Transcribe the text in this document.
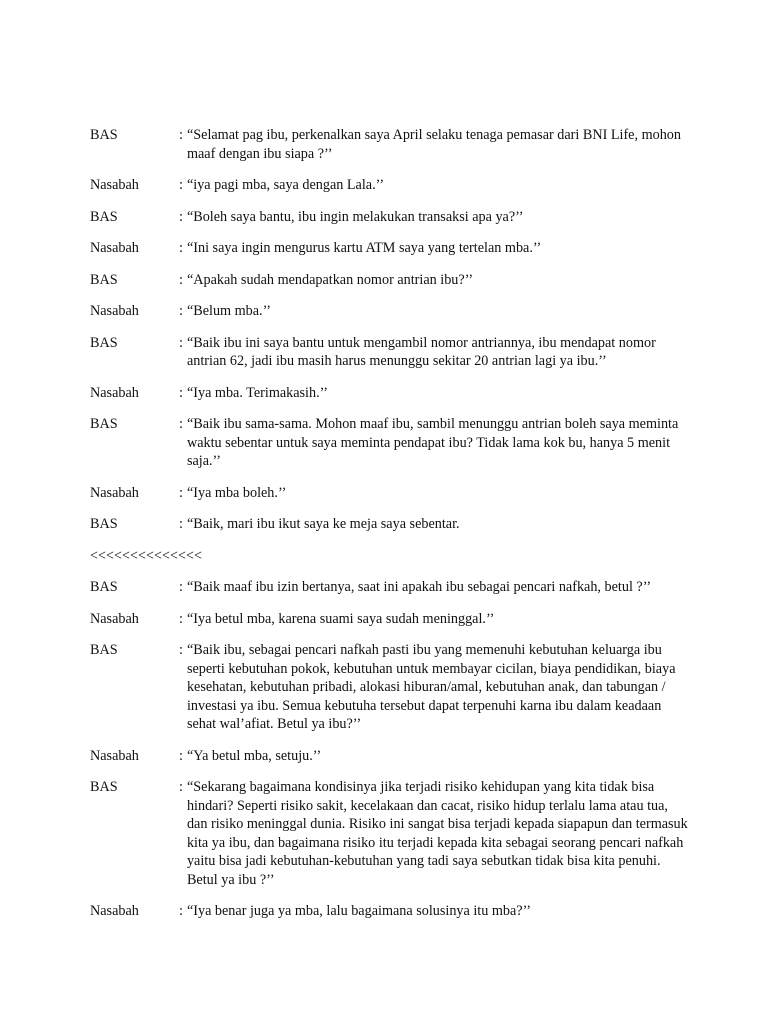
BAS	: “Selamat pag ibu, perkenalkan saya April selaku tenaga pemasar dari BNI Life, mohon maaf dengan ibu siapa ?’’
Nasabah	: “iya pagi mba, saya dengan Lala.’’
BAS	: “Boleh saya bantu, ibu ingin melakukan transaksi apa ya?’’
Nasabah	: “Ini saya ingin mengurus kartu ATM saya yang tertelan mba.’’
BAS	: “Apakah sudah mendapatkan nomor antrian ibu?’’
Nasabah	: “Belum mba.’’
BAS	: “Baik ibu ini saya bantu untuk mengambil nomor antriannya, ibu mendapat nomor antrian 62, jadi ibu masih harus menunggu sekitar 20 antrian lagi ya ibu.’’
Nasabah	: “Iya mba. Terimakasih.’’
BAS	: “Baik ibu sama-sama. Mohon maaf ibu, sambil menunggu antrian boleh saya meminta waktu sebentar untuk saya meminta pendapat ibu? Tidak lama kok bu, hanya 5 menit saja.’’
Nasabah	: “Iya mba boleh.’’
BAS	: “Baik, mari ibu ikut saya ke meja saya sebentar.
<<<<<<<<<<<<<<
BAS	: “Baik maaf ibu izin bertanya, saat ini apakah ibu sebagai pencari nafkah, betul ?’’
Nasabah	: “Iya betul mba, karena suami saya sudah meninggal.’’
BAS	: “Baik ibu, sebagai pencari nafkah pasti ibu yang memenuhi kebutuhan keluarga ibu seperti kebutuhan pokok, kebutuhan untuk membayar cicilan, biaya pendidikan, biaya kesehatan, kebutuhan pribadi, alokasi hiburan/amal, kebutuhan anak, dan tabungan / investasi ya ibu. Semua kebutuha tersebut dapat terpenuhi karna ibu dalam keadaan sehat wal’afiat. Betul ya ibu?’’
Nasabah	: “Ya betul mba, setuju.’’
BAS	: “Sekarang bagaimana kondisinya jika terjadi risiko kehidupan yang kita tidak bisa hindari? Seperti risiko sakit, kecelakaan dan cacat, risiko hidup terlalu lama atau tua, dan risiko meninggal dunia. Risiko ini sangat bisa terjadi kepada siapapun dan termasuk kita ya ibu, dan bagaimana risiko itu terjadi kepada kita sebagai seorang pencari nafkah yaitu bisa jadi kebutuhan-kebutuhan yang tadi saya sebutkan tidak bisa kita penuhi. Betul ya ibu ?’’
Nasabah	: “Iya benar juga ya mba, lalu bagaimana solusinya itu mba?’’
